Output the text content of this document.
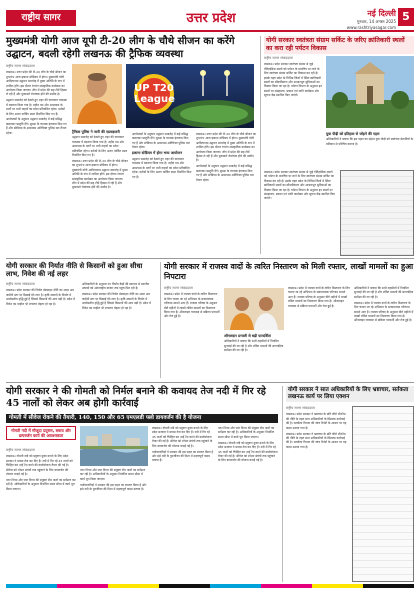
राष्ट्रीय सागर	उत्तर प्रदेश	नई दिल्ली
गुरुवार, 14 अगस्त 2025
www.rashtriyasagar.com
5
मुख्यमंत्री योगी आज यूपी टी-20 लीग के चौथे सीजन का करेंगे उद्घाटन, बदली रहेगी लखनऊ की ट्रैफिक व्यवस्था
राष्ट्रीय सागर संवाददाता

लखनऊ। उत्तर प्रदेश की टी-20 लीग के चौथे सीजन का शुभारंभ आज इकाना स्टेडियम में होगा। मुख्यमंत्री योगी आदित्यनाथ उद्घाटन समारोह में मुख्य अतिथि के रूप में शामिल होंगे। इस दौरान रंगारंग सांस्कृतिक कार्यक्रम का आयोजन किया जाएगा। लीग में प्रदेश की छह टीमें हिस्सा ले रही हैं और मुकाबले रोमांचक होने की उम्मीद है।

उद्घाटन समारोह को देखते हुए शहर की यातायात व्यवस्था में बदलाव किया गया है। शहीद पथ और आसपास के मार्गों पर भारी वाहनों का प्रवेश प्रतिबंधित रहेगा। दर्शकों के लिए अलग पार्किंग स्थल निर्धारित किए गए हैं।

आयोजकों के अनुसार उद्घाटन समारोह में कई प्रसिद्ध कलाकार प्रस्तुति देंगे। सुरक्षा के व्यापक इंतजाम किए गए हैं और स्टेडियम के आसपास अतिरिक्त पुलिस बल तैनात रहेगा।

UP T20 League
ट्रैफिक पुलिस ने जारी की एडवाइजरी

उद्घाटन समारोह को देखते हुए शहर की यातायात व्यवस्था में बदलाव किया गया है। शहीद पथ और आसपास के मार्गों पर भारी वाहनों का प्रवेश प्रतिबंधित रहेगा। दर्शकों के लिए अलग पार्किंग स्थल निर्धारित किए गए हैं।

लखनऊ। उत्तर प्रदेश की टी-20 लीग के चौथे सीजन का शुभारंभ आज इकाना स्टेडियम में होगा। मुख्यमंत्री योगी आदित्यनाथ उद्घाटन समारोह में मुख्य अतिथि के रूप में शामिल होंगे। इस दौरान रंगारंग सांस्कृतिक कार्यक्रम का आयोजन किया जाएगा। लीग में प्रदेश की छह टीमें हिस्सा ले रही हैं और मुकाबले रोमांचक होने की उम्मीद है।

आयोजकों के अनुसार उद्घाटन समारोह में कई प्रसिद्ध कलाकार प्रस्तुति देंगे। सुरक्षा के व्यापक इंतजाम किए गए हैं और स्टेडियम के आसपास अतिरिक्त पुलिस बल तैनात रहेगा।

इकाना स्टेडियम में होगा भव्य आयोजन

उद्घाटन समारोह को देखते हुए शहर की यातायात व्यवस्था में बदलाव किया गया है। शहीद पथ और आसपास के मार्गों पर भारी वाहनों का प्रवेश प्रतिबंधित रहेगा। दर्शकों के लिए अलग पार्किंग स्थल निर्धारित किए गए हैं।

लखनऊ। उत्तर प्रदेश की टी-20 लीग के चौथे सीजन का शुभारंभ आज इकाना स्टेडियम में होगा। मुख्यमंत्री योगी आदित्यनाथ उद्घाटन समारोह में मुख्य अतिथि के रूप में शामिल होंगे। इस दौरान रंगारंग सांस्कृतिक कार्यक्रम का आयोजन किया जाएगा। लीग में प्रदेश की छह टीमें हिस्सा ले रही हैं और मुकाबले रोमांचक होने की उम्मीद है।

आयोजकों के अनुसार उद्घाटन समारोह में कई प्रसिद्ध कलाकार प्रस्तुति देंगे। सुरक्षा के व्यापक इंतजाम किए गए हैं और स्टेडियम के आसपास अतिरिक्त पुलिस बल तैनात रहेगा।

योगी सरकार स्वतंत्रता संग्राम सर्किट के जरिए क्रांतिकारी स्थलों का करा रही पर्यटन विकास
राष्ट्रीय सागर संवाददाता

लखनऊ। प्रदेश सरकार स्वतंत्रता संग्राम से जुड़े ऐतिहासिक स्थलों को पर्यटन के मानचित्र पर लाने के लिए स्वतंत्रता संग्राम सर्किट का विकास कर रही है। इसके तहत प्रदेश के विभिन्न जिलों में स्थित क्रांतिकारी स्थलों का सौंदर्यीकरण और आधारभूत सुविधाओं का विस्तार किया जा रहा है। पर्यटन विभाग के अनुसार इन स्थलों पर संग्रहालय, प्रकाश एवं ध्वनि कार्यक्रम और सूचना केंद्र स्थापित किए जाएंगे।

युवा पीढ़ी को इतिहास से जोड़ने की पहल

अधिकारियों ने बताया कि इस पहल का उद्देश्य युवा पीढ़ी को स्वतंत्रता सेनानियों के बलिदान से परिचित कराना है।

लखनऊ। प्रदेश सरकार स्वतंत्रता संग्राम से जुड़े ऐतिहासिक स्थलों को पर्यटन के मानचित्र पर लाने के लिए स्वतंत्रता संग्राम सर्किट का विकास कर रही है। इसके तहत प्रदेश के विभिन्न जिलों में स्थित क्रांतिकारी स्थलों का सौंदर्यीकरण और आधारभूत सुविधाओं का विस्तार किया जा रहा है। पर्यटन विभाग के अनुसार इन स्थलों पर संग्रहालय, प्रकाश एवं ध्वनि कार्यक्रम और सूचना केंद्र स्थापित किए जाएंगे।

योगी सरकार की निर्यात नीति से किसानों को हुआ सीधा लाभ, निवेश की नई लहर
राष्ट्रीय सागर संवाददाता

लखनऊ। प्रदेश सरकार की निर्यात प्रोत्साहन नीति का असर अब जमीनी स्तर पर दिखाई देने लगा है। कृषि उत्पादों के निर्यात में उल्लेखनीय वृद्धि हुई है जिससे किसानों की आय बढ़ी है। प्रदेश में निवेश का माहौल भी लगातार बेहतर हो रहा है।

अधिकारियों के अनुसार नए निर्यात केंद्रों की स्थापना से स्थानीय उत्पादों को अंतरराष्ट्रीय बाजार तक पहुंच मिल रही है।

लखनऊ। प्रदेश सरकार की निर्यात प्रोत्साहन नीति का असर अब जमीनी स्तर पर दिखाई देने लगा है। कृषि उत्पादों के निर्यात में उल्लेखनीय वृद्धि हुई है जिससे किसानों की आय बढ़ी है। प्रदेश में निवेश का माहौल भी लगातार बेहतर हो रहा है।

योगी सरकार में राजस्व वादों के त्वरित निस्तारण को मिली रफ्तार, लाखों मामलों का हुआ निपटारा
राष्ट्रीय सागर संवाददाता

लखनऊ। प्रदेश में राजस्व वादों के त्वरित निस्तारण के लिए चलाए जा रहे अभियान के सकारात्मक परिणाम सामने आए हैं। राजस्व परिषद के अनुसार बीते महीनों में लाखों लंबित मामलों का निस्तारण किया गया है। ऑनलाइन व्यवस्था से प्रक्रिया पारदर्शी और तेज हुई है।

ऑनलाइन प्रणाली से बढ़ी पारदर्शिता

अधिकारियों ने बताया कि सभी तहसीलों में नियमित सुनवाई की जा रही है और लंबित मामलों की साप्ताहिक समीक्षा की जा रही है।

लखनऊ। प्रदेश में राजस्व वादों के त्वरित निस्तारण के लिए चलाए जा रहे अभियान के सकारात्मक परिणाम सामने आए हैं। राजस्व परिषद के अनुसार बीते महीनों में लाखों लंबित मामलों का निस्तारण किया गया है। ऑनलाइन व्यवस्था से प्रक्रिया पारदर्शी और तेज हुई है।

अधिकारियों ने बताया कि सभी तहसीलों में नियमित सुनवाई की जा रही है और लंबित मामलों की साप्ताहिक समीक्षा की जा रही है।

लखनऊ। प्रदेश में राजस्व वादों के त्वरित निस्तारण के लिए चलाए जा रहे अभियान के सकारात्मक परिणाम सामने आए हैं। राजस्व परिषद के अनुसार बीते महीनों में लाखों लंबित मामलों का निस्तारण किया गया है। ऑनलाइन व्यवस्था से प्रक्रिया पारदर्शी और तेज हुई है।

योगी सरकार ने की गोमती को निर्मल बनाने की कवायद तेज नदी में गिर रहे 45 नालों को लेकर अब होगी कार्रवाई
गोमती में सीवेज रोकने की तैयारी, 140, 150 और 65 एमएलडी फ्लो डायवर्जन की है योजना
गोमती नदी में मौजूदा प्रदूषण, बचाव और डायवर्जन कार्य की आवश्यकता
राष्ट्रीय सागर संवाददाता

लखनऊ। गोमती नदी को प्रदूषण मुक्त बनाने के लिए प्रदेश सरकार ने प्रयास तेज कर दिए हैं। नदी में गिर रहे 45 नालों को चिन्हित कर उन्हें टैप करने की कार्ययोजना तैयार की गई है। सीवेज को शोधन संयंत्रों तक पहुंचाने के लिए डायवर्जन की योजना बनाई गई है।

नगर निगम और जल निगम की संयुक्त टीम नालों का सर्वेक्षण कर रही है। अधिकारियों के अनुसार निर्धारित समय सीमा में कार्य पूरा किया जाएगा।

नगर निगम और जल निगम की संयुक्त टीम नालों का सर्वेक्षण कर रही है। अधिकारियों के अनुसार निर्धारित समय सीमा में कार्य पूरा किया जाएगा।

पर्यावरणविदों ने सरकार की इस पहल का स्वागत किया है और इसे नदी के पुनर्जीवन की दिशा में महत्वपूर्ण कदम बताया है।

लखनऊ। गोमती नदी को प्रदूषण मुक्त बनाने के लिए प्रदेश सरकार ने प्रयास तेज कर दिए हैं। नदी में गिर रहे 45 नालों को चिन्हित कर उन्हें टैप करने की कार्ययोजना तैयार की गई है। सीवेज को शोधन संयंत्रों तक पहुंचाने के लिए डायवर्जन की योजना बनाई गई है।

पर्यावरणविदों ने सरकार की इस पहल का स्वागत किया है और इसे नदी के पुनर्जीवन की दिशा में महत्वपूर्ण कदम बताया है।

नगर निगम और जल निगम की संयुक्त टीम नालों का सर्वेक्षण कर रही है। अधिकारियों के अनुसार निर्धारित समय सीमा में कार्य पूरा किया जाएगा।

लखनऊ। गोमती नदी को प्रदूषण मुक्त बनाने के लिए प्रदेश सरकार ने प्रयास तेज कर दिए हैं। नदी में गिर रहे 45 नालों को चिन्हित कर उन्हें टैप करने की कार्ययोजना तैयार की गई है। सीवेज को शोधन संयंत्रों तक पहुंचाने के लिए डायवर्जन की योजना बनाई गई है।

योगी सरकार ने सात अधिकारियों के लिए भ्रष्टाचार, सर्तकता लखनऊ कार्य पर लिया एक्शन
राष्ट्रीय सागर संवाददाता

लखनऊ। प्रदेश सरकार ने भ्रष्टाचार के प्रति जीरो टॉलरेंस की नीति के तहत सात अधिकारियों के खिलाफ कार्रवाई की है। सतर्कता विभाग की जांच रिपोर्ट के आधार पर यह कदम उठाया गया है।

लखनऊ। प्रदेश सरकार ने भ्रष्टाचार के प्रति जीरो टॉलरेंस की नीति के तहत सात अधिकारियों के खिलाफ कार्रवाई की है। सतर्कता विभाग की जांच रिपोर्ट के आधार पर यह कदम उठाया गया है।
